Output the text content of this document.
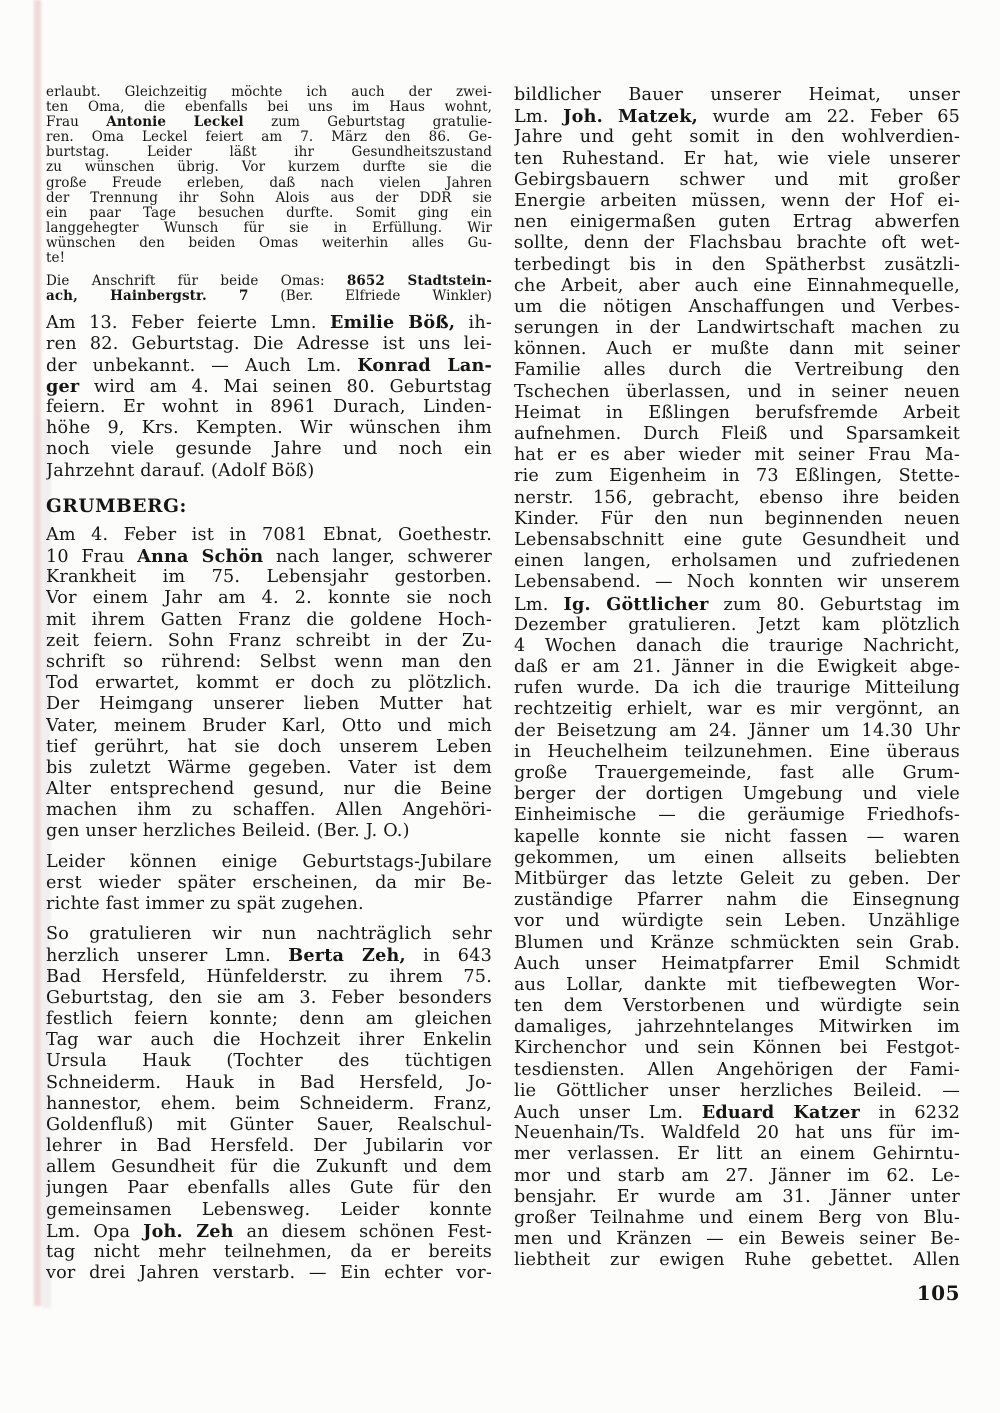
erlaubt. Gleichzeitig möchte ich auch der zwei-
ten Oma, die ebenfalls bei uns im Haus wohnt,
Frau Antonie Leckel zum Geburtstag gratulie-
ren. Oma Leckel feiert am 7. März den 86. Ge-
burtstag. Leider läßt ihr Gesundheitszustand
zu wünschen übrig. Vor kurzem durfte sie die
große Freude erleben, daß nach vielen Jahren
der Trennung ihr Sohn Alois aus der DDR sie
ein paar Tage besuchen durfte. Somit ging ein
langgehegter Wunsch für sie in Erfüllung. Wir
wünschen den beiden Omas weiterhin alles Gu-
te!
Die Anschrift für beide Omas: 8652 Stadtstein-
ach, Hainbergstr. 7 (Ber. Elfriede Winkler)
Am 13. Feber feierte Lmn. Emilie Böß, ih-
ren 82. Geburtstag. Die Adresse ist uns lei-
der unbekannt. — Auch Lm. Konrad Lan-
ger wird am 4. Mai seinen 80. Geburtstag
feiern. Er wohnt in 8961 Durach, Linden-
höhe 9, Krs. Kempten. Wir wünschen ihm
noch viele gesunde Jahre und noch ein
Jahrzehnt darauf. (Adolf Böß)
GRUMBERG:
Am 4. Feber ist in 7081 Ebnat, Goethestr.
10 Frau Anna Schön nach langer, schwerer
Krankheit im 75. Lebensjahr gestorben.
Vor einem Jahr am 4. 2. konnte sie noch
mit ihrem Gatten Franz die goldene Hoch-
zeit feiern. Sohn Franz schreibt in der Zu-
schrift so rührend: Selbst wenn man den
Tod erwartet, kommt er doch zu plötzlich.
Der Heimgang unserer lieben Mutter hat
Vater, meinem Bruder Karl, Otto und mich
tief gerührt, hat sie doch unserem Leben
bis zuletzt Wärme gegeben. Vater ist dem
Alter entsprechend gesund, nur die Beine
machen ihm zu schaffen. Allen Angehöri-
gen unser herzliches Beileid. (Ber. J. O.)
Leider können einige Geburtstags-Jubilare
erst wieder später erscheinen, da mir Be-
richte fast immer zu spät zugehen.
So gratulieren wir nun nachträglich sehr
herzlich unserer Lmn. Berta Zeh, in 643
Bad Hersfeld, Hünfelderstr. zu ihrem 75.
Geburtstag, den sie am 3. Feber besonders
festlich feiern konnte; denn am gleichen
Tag war auch die Hochzeit ihrer Enkelin
Ursula Hauk (Tochter des tüchtigen
Schneiderm. Hauk in Bad Hersfeld, Jo-
hannestor, ehem. beim Schneiderm. Franz,
Goldenfluß) mit Günter Sauer, Realschul-
lehrer in Bad Hersfeld. Der Jubilarin vor
allem Gesundheit für die Zukunft und dem
jungen Paar ebenfalls alles Gute für den
gemeinsamen Lebensweg. Leider konnte
Lm. Opa Joh. Zeh an diesem schönen Fest-
tag nicht mehr teilnehmen, da er bereits
vor drei Jahren verstarb. — Ein echter vor-
bildlicher Bauer unserer Heimat, unser
Lm. Joh. Matzek, wurde am 22. Feber 65
Jahre und geht somit in den wohlverdien-
ten Ruhestand. Er hat, wie viele unserer
Gebirgsbauern schwer und mit großer
Energie arbeiten müssen, wenn der Hof ei-
nen einigermaßen guten Ertrag abwerfen
sollte, denn der Flachsbau brachte oft wet-
terbedingt bis in den Spätherbst zusätzli-
che Arbeit, aber auch eine Einnahmequelle,
um die nötigen Anschaffungen und Verbes-
serungen in der Landwirtschaft machen zu
können. Auch er mußte dann mit seiner
Familie alles durch die Vertreibung den
Tschechen überlassen, und in seiner neuen
Heimat in Eßlingen berufsfremde Arbeit
aufnehmen. Durch Fleiß und Sparsamkeit
hat er es aber wieder mit seiner Frau Ma-
rie zum Eigenheim in 73 Eßlingen, Stette-
nerstr. 156, gebracht, ebenso ihre beiden
Kinder. Für den nun beginnenden neuen
Lebensabschnitt eine gute Gesundheit und
einen langen, erholsamen und zufriedenen
Lebensabend. — Noch konnten wir unserem
Lm. Ig. Göttlicher zum 80. Geburtstag im
Dezember gratulieren. Jetzt kam plötzlich
4 Wochen danach die traurige Nachricht,
daß er am 21. Jänner in die Ewigkeit abge-
rufen wurde. Da ich die traurige Mitteilung
rechtzeitig erhielt, war es mir vergönnt, an
der Beisetzung am 24. Jänner um 14.30 Uhr
in Heuchelheim teilzunehmen. Eine überaus
große Trauergemeinde, fast alle Grum-
berger der dortigen Umgebung und viele
Einheimische — die geräumige Friedhofs-
kapelle konnte sie nicht fassen — waren
gekommen, um einen allseits beliebten
Mitbürger das letzte Geleit zu geben. Der
zuständige Pfarrer nahm die Einsegnung
vor und würdigte sein Leben. Unzählige
Blumen und Kränze schmückten sein Grab.
Auch unser Heimatpfarrer Emil Schmidt
aus Lollar, dankte mit tiefbewegten Wor-
ten dem Verstorbenen und würdigte sein
damaliges, jahrzehntelanges Mitwirken im
Kirchenchor und sein Können bei Festgot-
tesdiensten. Allen Angehörigen der Fami-
lie Göttlicher unser herzliches Beileid. —
Auch unser Lm. Eduard Katzer in 6232
Neuenhain/Ts. Waldfeld 20 hat uns für im-
mer verlassen. Er litt an einem Gehirntu-
mor und starb am 27. Jänner im 62. Le-
bensjahr. Er wurde am 31. Jänner unter
großer Teilnahme und einem Berg von Blu-
men und Kränzen — ein Beweis seiner Be-
liebtheit zur ewigen Ruhe gebettet. Allen
105
